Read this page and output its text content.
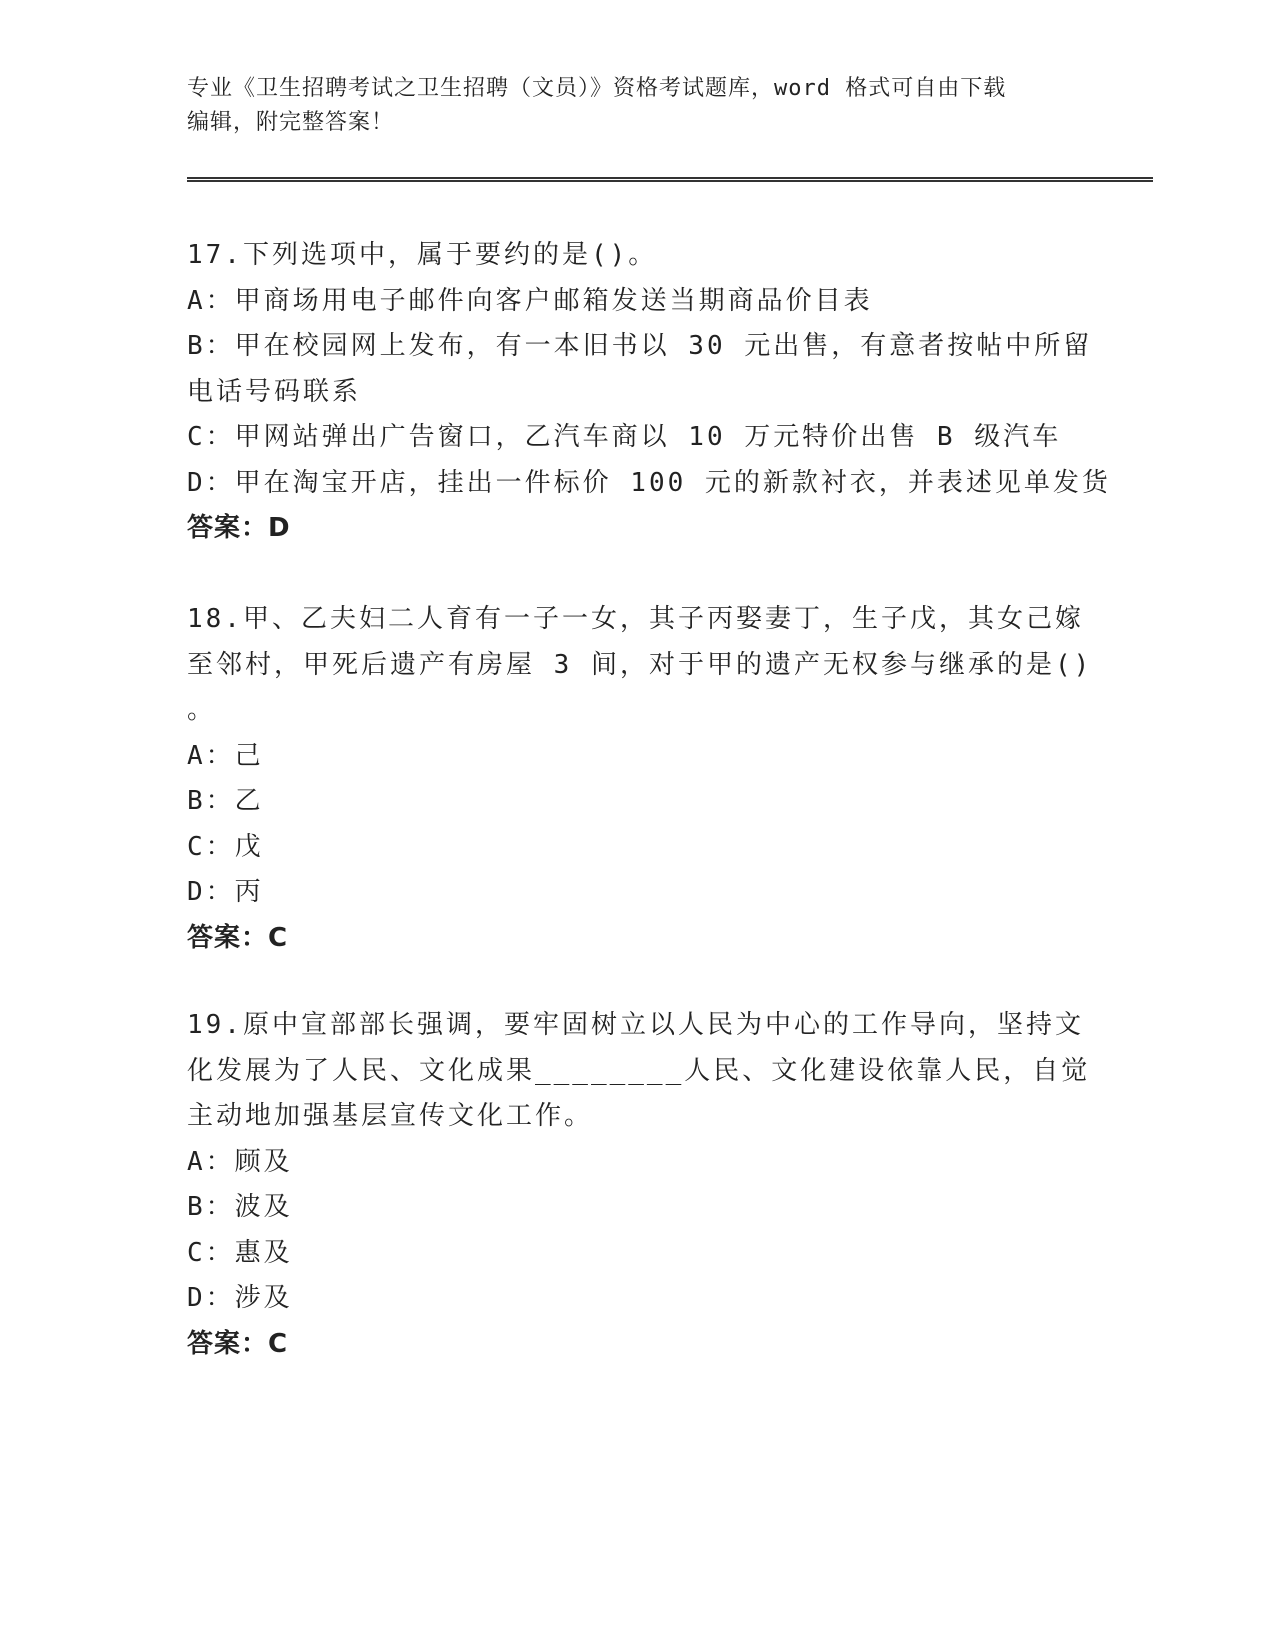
专业《卫生招聘考试之卫生招聘（文员）》资格考试题库，word 格式可自由下载
编辑，附完整答案！
17.下列选项中，属于要约的是()。
A：甲商场用电子邮件向客户邮箱发送当期商品价目表
B：甲在校园网上发布，有一本旧书以 30 元出售，有意者按帖中所留
电话号码联系
C：甲网站弹出广告窗口，乙汽车商以 10 万元特价出售 B 级汽车
D：甲在淘宝开店，挂出一件标价 100 元的新款衬衣，并表述见单发货
答案：D
18.甲、乙夫妇二人育有一子一女，其子丙娶妻丁，生子戊，其女己嫁
至邻村，甲死后遗产有房屋 3 间，对于甲的遗产无权参与继承的是()
。
A：己
B：乙
C：戊
D：丙
答案：C
19.原中宣部部长强调，要牢固树立以人民为中心的工作导向，坚持文
化发展为了人民、文化成果________人民、文化建设依靠人民，自觉
主动地加强基层宣传文化工作。
A：顾及
B：波及
C：惠及
D：涉及
答案：C
